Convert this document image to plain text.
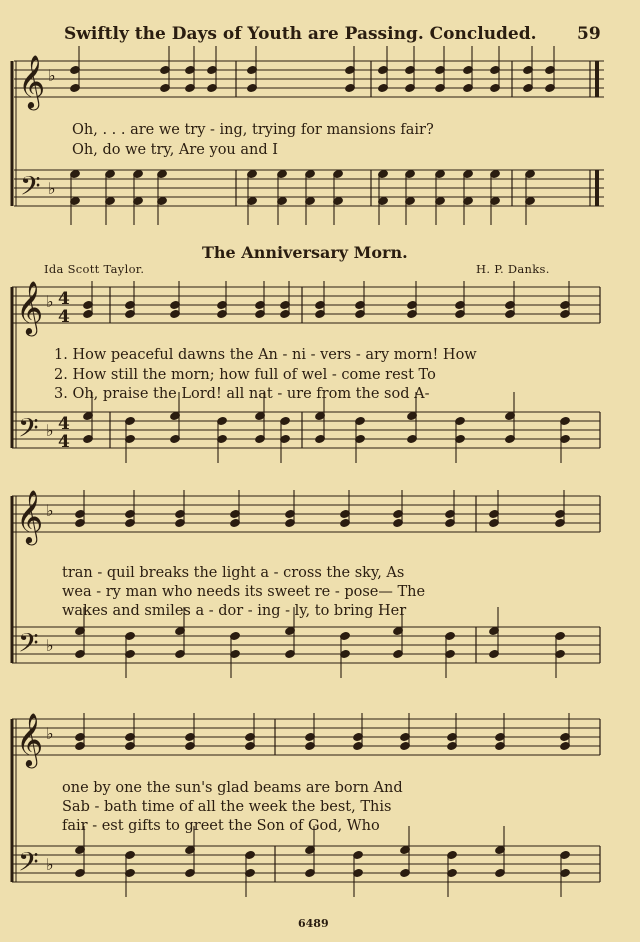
𝄞
𝄢
♭
♭
𝄞
𝄢
♭
♭
4
4
4
4
𝄞
𝄢
♭
♭
𝄞
𝄢
♭
♭
Swiftly the Days of Youth are Passing. Concluded. 59
Oh, . . . are we try - ing, trying for mansions fair?
Oh, do we try, Are you and I
The Anniversary Morn.
Ida Scott Taylor.	H. P. Danks.
1. How peaceful dawns the An - ni - vers - ary morn! How
2. How still the morn; how full of wel - come rest To
3. Oh, praise the Lord! all nat - ure from the sod A-
tran - quil breaks the light a - cross the sky, As
wea - ry man who needs its sweet re - pose— The
wakes and smiles a - dor - ing - ly, to bring Her
one by one the sun's glad beams are born And
Sab - bath time of all the week the best, This
fair - est gifts to greet the Son of God, Who
6489
